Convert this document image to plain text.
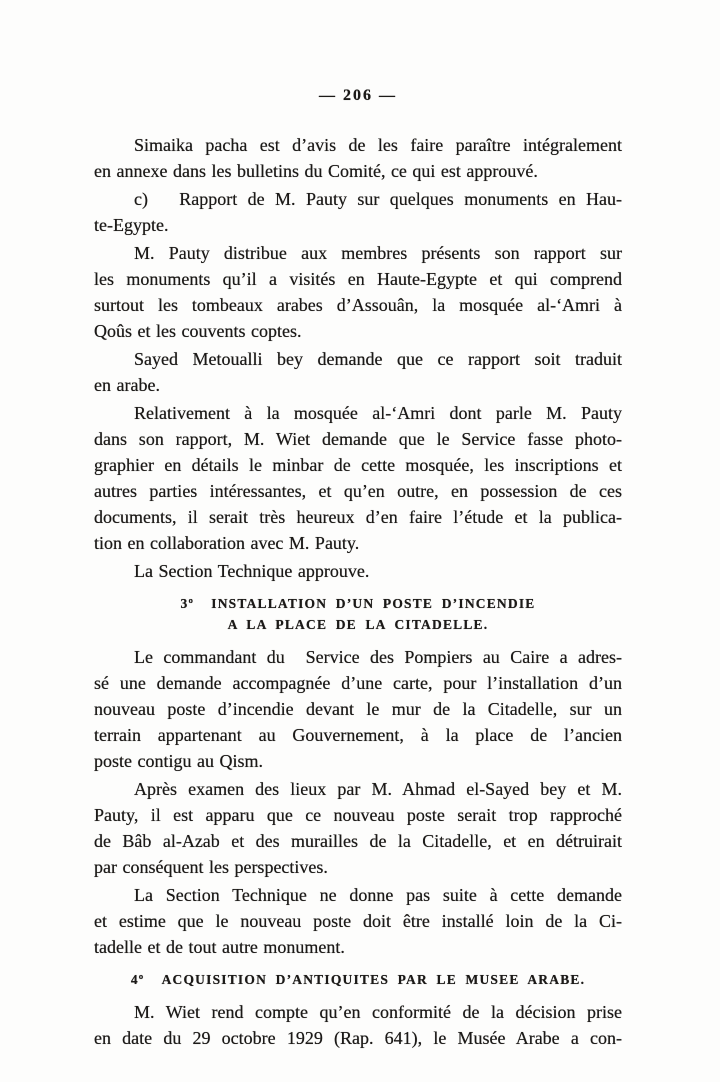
— 206 —
Simaika pacha est d’avis de les faire paraître intégralement
en annexe dans les bulletins du Comité, ce qui est approuvé.
c)   Rapport de M. Pauty sur quelques monuments en Hau-
te-Egypte.
M. Pauty distribue aux membres présents son rapport sur
les monuments qu’il a visités en Haute-Egypte et qui comprend
surtout les tombeaux arabes d’Assouân, la mosquée al-‘Amri à
Qoûs et les couvents coptes.
Sayed Metoualli bey demande que ce rapport soit traduit
en arabe.
Relativement à la mosquée al-‘Amri dont parle M. Pauty
dans son rapport, M. Wiet demande que le Service fasse photo-
graphier en détails le minbar de cette mosquée, les inscriptions et
autres parties intéressantes, et qu’en outre, en possession de ces
documents, il serait très heureux d’en faire l’étude et la publica-
tion en collaboration avec M. Pauty.
La Section Technique approuve.
3º  INSTALLATION D’UN POSTE D’INCENDIE
A LA PLACE DE LA CITADELLE.
Le commandant du  Service des Pompiers au Caire a adres-
sé une demande accompagnée d’une carte, pour l’installation d’un
nouveau poste d’incendie devant le mur de la Citadelle, sur un
terrain appartenant au Gouvernement, à la place de l’ancien
poste contigu au Qism.
Après examen des lieux par M. Ahmad el-Sayed bey et M.
Pauty, il est apparu que ce nouveau poste serait trop rapproché
de Bâb al-Azab et des murailles de la Citadelle, et en détruirait
par conséquent les perspectives.
La Section Technique ne donne pas suite à cette demande
et estime que le nouveau poste doit être installé loin de la Ci-
tadelle et de tout autre monument.
4º  ACQUISITION D’ANTIQUITES PAR LE MUSEE ARABE.
M. Wiet rend compte qu’en conformité de la décision prise
en date du 29 octobre 1929 (Rap. 641), le Musée Arabe a con-
